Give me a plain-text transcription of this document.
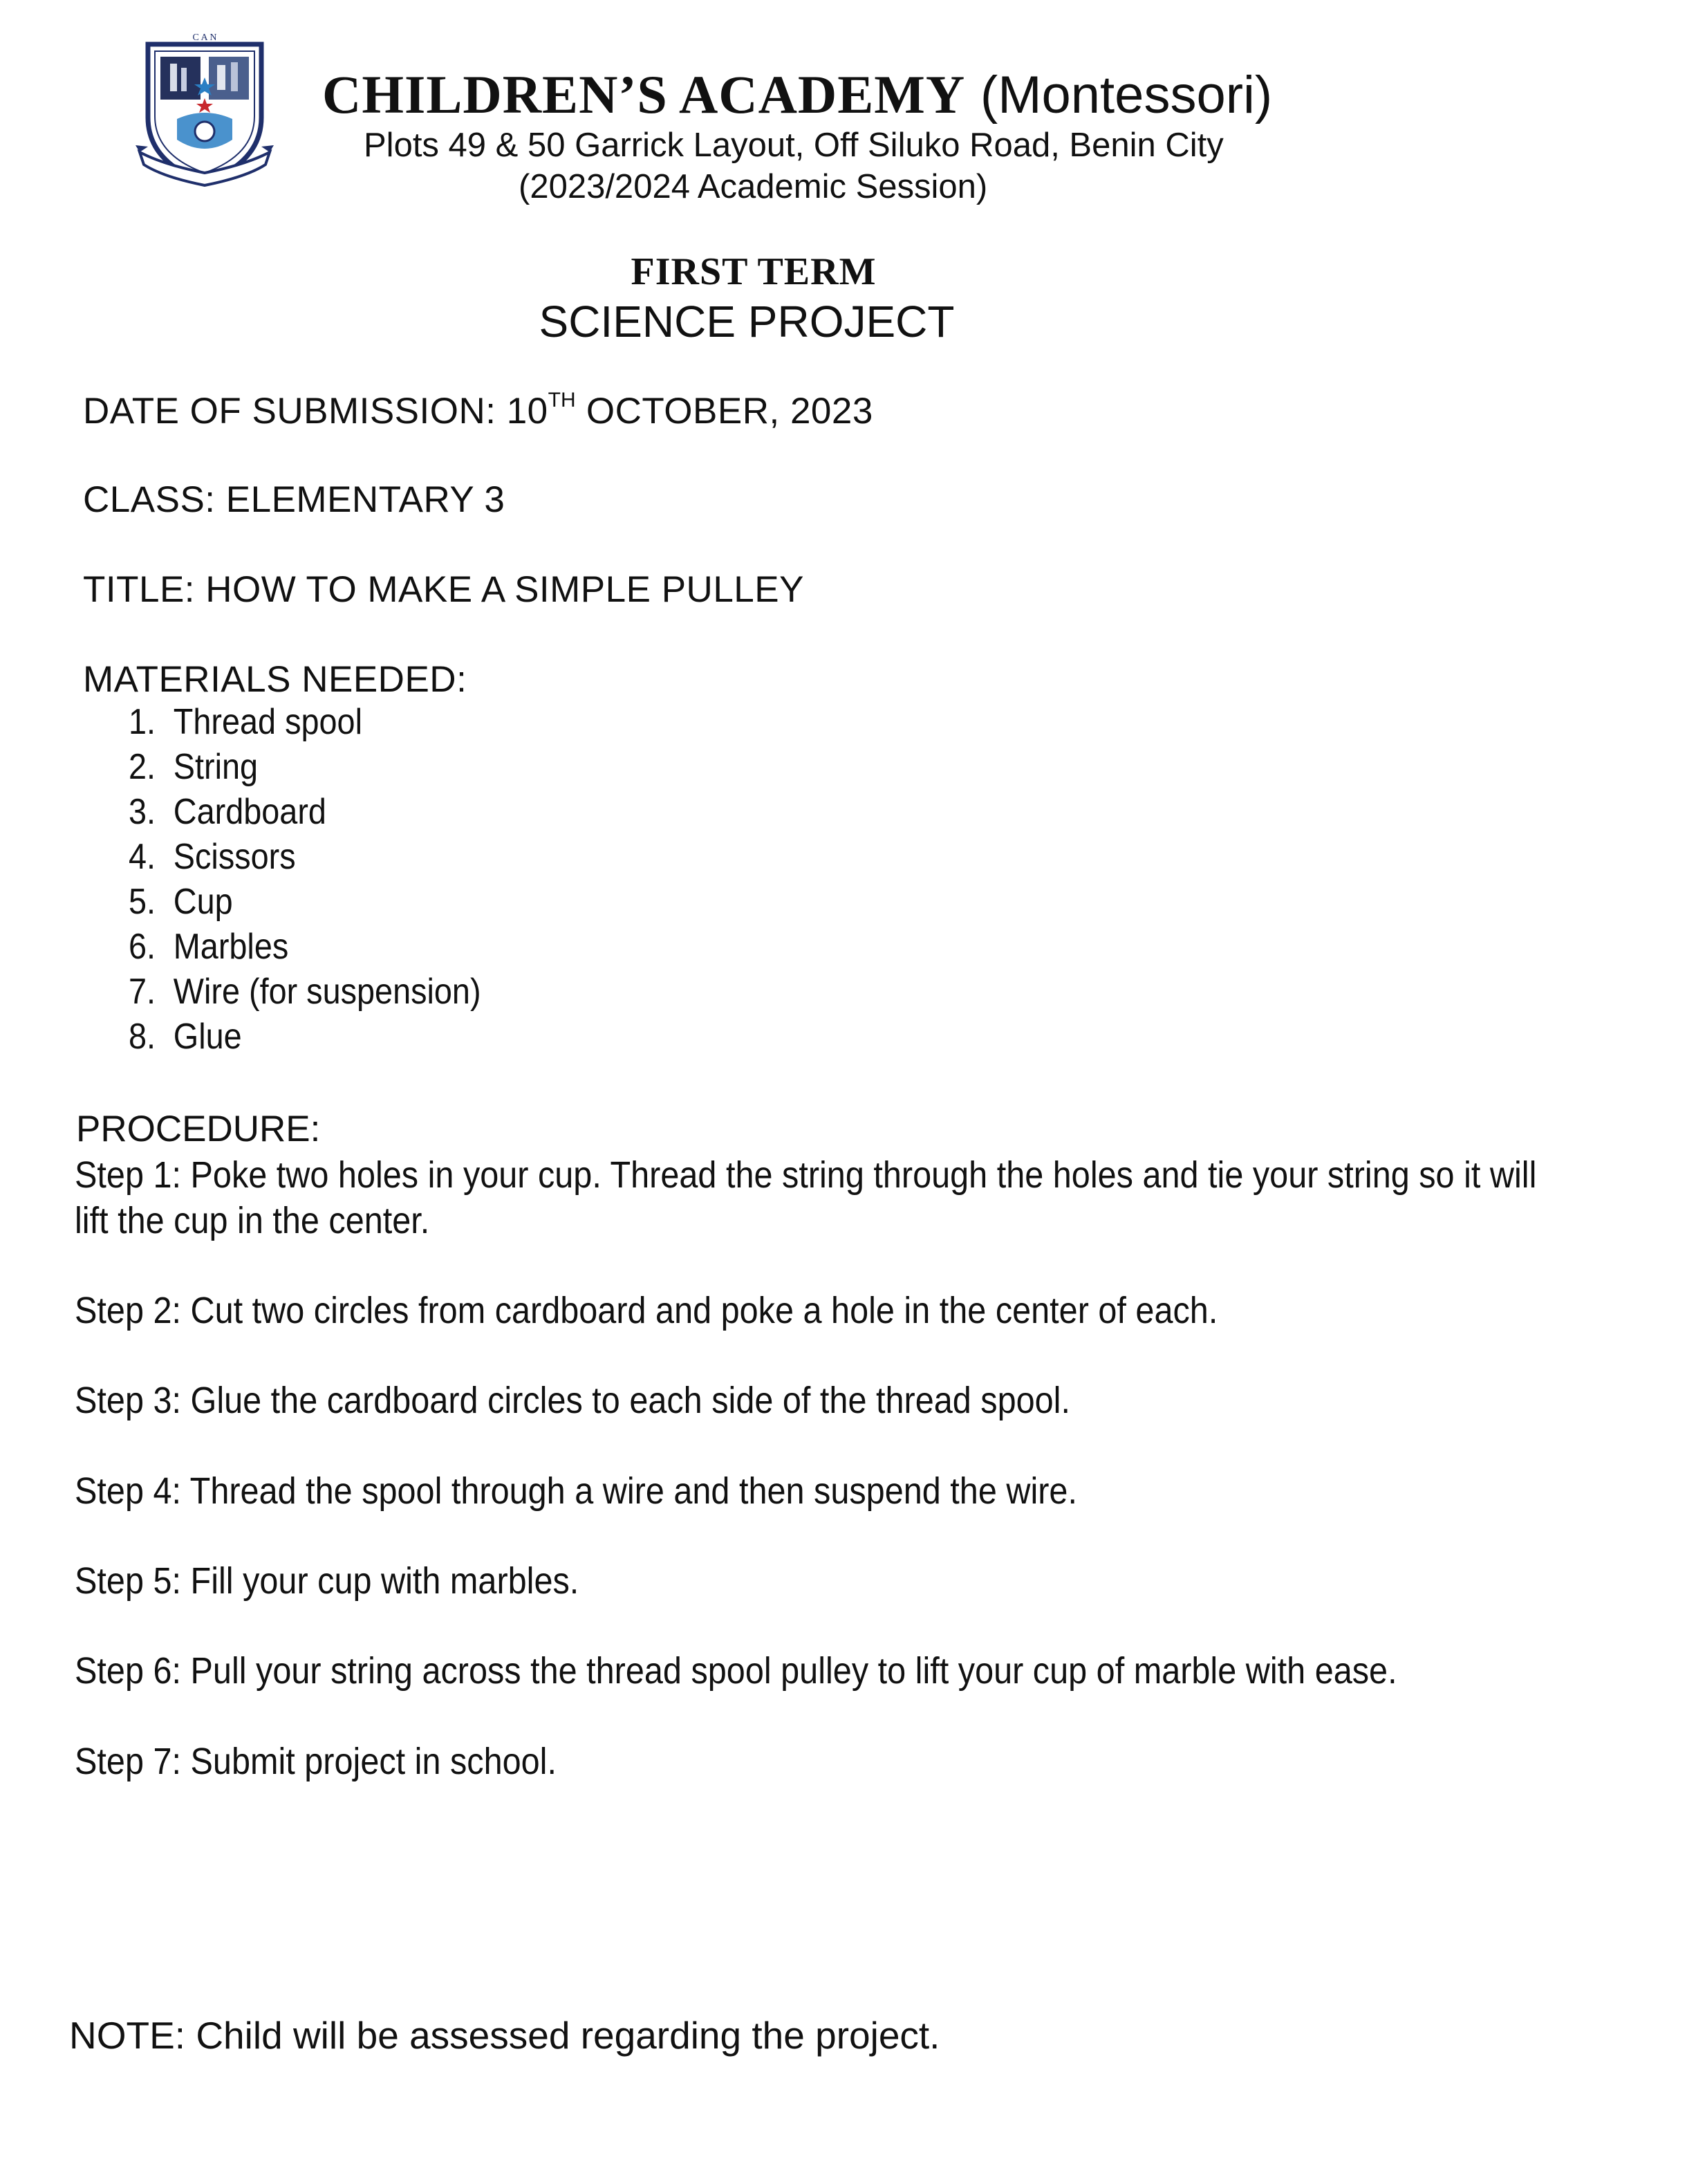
C A N
CHILDREN’S ACADEMY (Montessori)
Plots 49 & 50 Garrick Layout, Off Siluko Road, Benin City
(2023/2024 Academic Session)
FIRST TERM
SCIENCE PROJECT
DATE OF SUBMISSION: 10TH OCTOBER, 2023
CLASS: ELEMENTARY 3
TITLE: HOW TO MAKE A SIMPLE PULLEY
MATERIALS NEEDED:
1. Thread spool
2. String
3. Cardboard
4. Scissors
5. Cup
6. Marbles
7. Wire (for suspension)
8. Glue
PROCEDURE:
Step 1: Poke two holes in your cup. Thread the string through the holes and tie your string so it will
lift the cup in the center.
Step 2: Cut two circles from cardboard and poke a hole in the center of each.
Step 3: Glue the cardboard circles to each side of the thread spool.
Step 4: Thread the spool through a wire and then suspend the wire.
Step 5: Fill your cup with marbles.
Step 6: Pull your string across the thread spool pulley to lift your cup of marble with ease.
Step 7: Submit project in school.
NOTE: Child will be assessed regarding the project.
